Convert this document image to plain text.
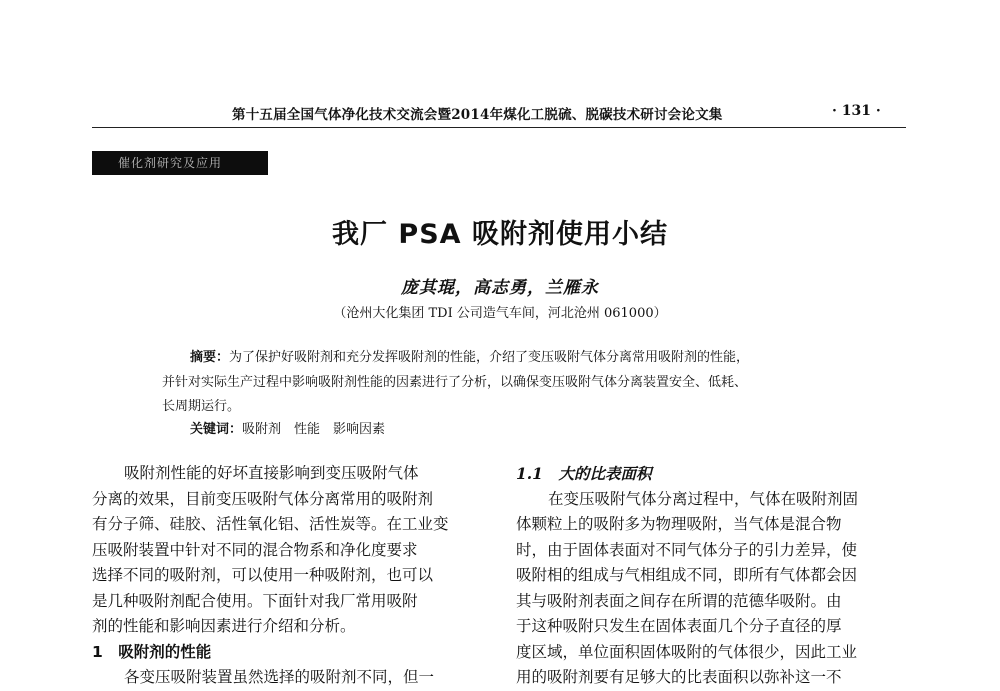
第十五届全国气体净化技术交流会暨2014年煤化工脱硫、脱碳技术研讨会论文集	· 131 ·
催化剂研究及应用
我厂 PSA 吸附剂使用小结
庞其琨，高志勇，兰雁永
（沧州大化集团 TDI 公司造气车间，河北沧州 061000）
摘要：为了保护好吸附剂和充分发挥吸附剂的性能，介绍了变压吸附气体分离常用吸附剂的性能，
并针对实际生产过程中影响吸附剂性能的因素进行了分析，以确保变压吸附气体分离装置安全、低耗、
长周期运行。
关键词：吸附剂　性能　影响因素

吸附剂性能的好坏直接影响到变压吸附气体

分离的效果，目前变压吸附气体分离常用的吸附剂

有分子筛、硅胶、活性氧化铝、活性炭等。在工业变

压吸附装置中针对不同的混合物系和净化度要求

选择不同的吸附剂，可以使用一种吸附剂，也可以

是几种吸附剂配合使用。下面针对我厂常用吸附

剂的性能和影响因素进行介绍和分析。

1　吸附剂的性能

各变压吸附装置虽然选择的吸附剂不同，但一

1.1　大的比表面积

在变压吸附气体分离过程中，气体在吸附剂固

体颗粒上的吸附多为物理吸附，当气体是混合物

时，由于固体表面对不同气体分子的引力差异，使

吸附相的组成与气相组成不同，即所有气体都会因

其与吸附剂表面之间存在所谓的范德华吸附。由

于这种吸附只发生在固体表面几个分子直径的厚

度区域，单位面积固体吸附的气体很少，因此工业

用的吸附剂要有足够大的比表面积以弥补这一不
